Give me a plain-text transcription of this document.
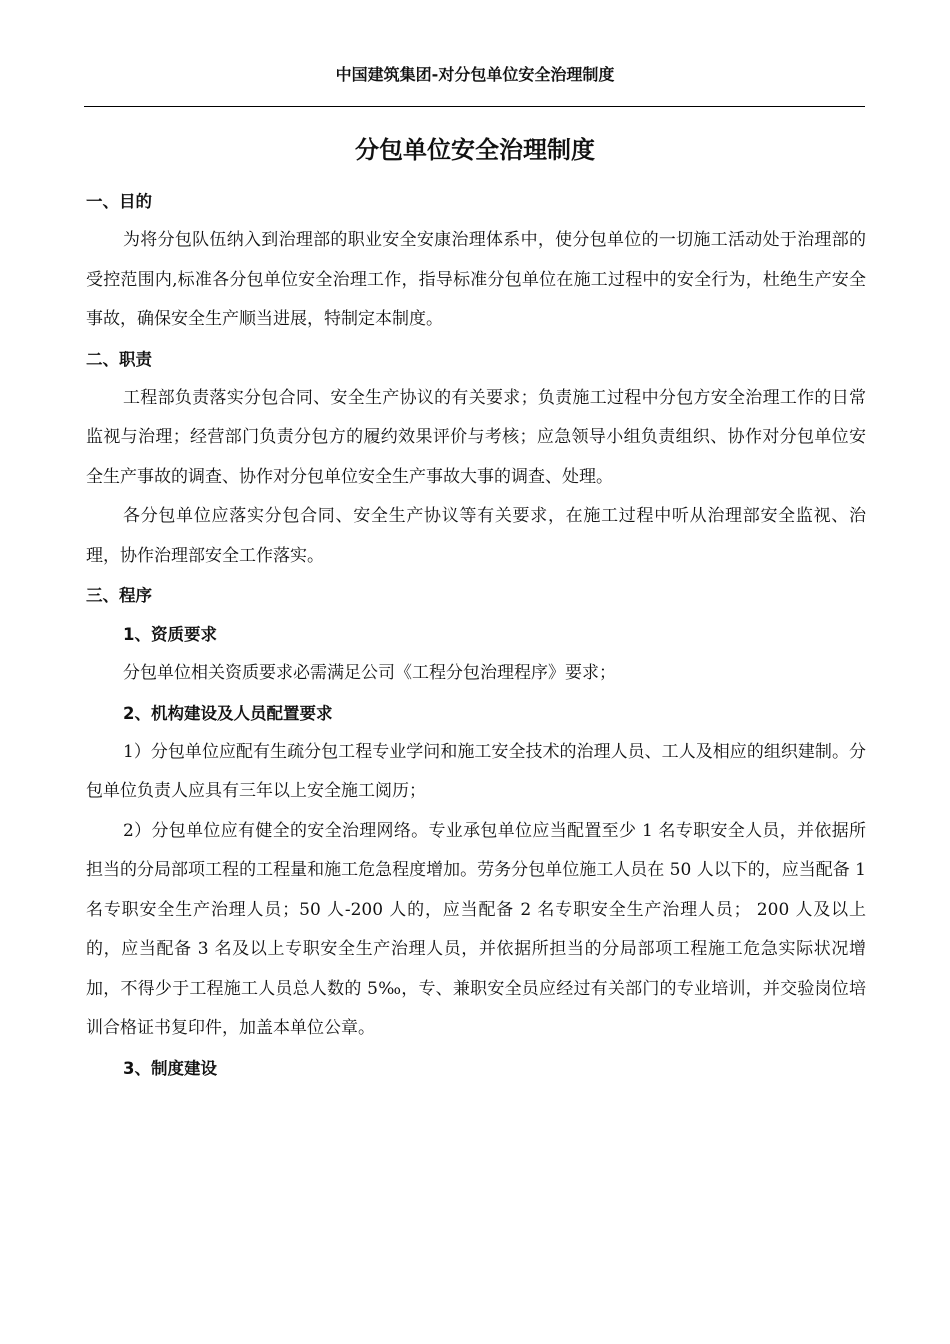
中国建筑集团-对分包单位安全治理制度
分包单位安全治理制度
一、目的

为将分包队伍纳入到治理部的职业安全安康治理体系中，使分包单位的一切施工活动处于治理部的受控范围内,标准各分包单位安全治理工作，指导标准分包单位在施工过程中的安全行为，杜绝生产安全事故，确保安全生产顺当进展，特制定本制度。

二、职责

工程部负责落实分包合同、安全生产协议的有关要求；负责施工过程中分包方安全治理工作的日常监视与治理；经营部门负责分包方的履约效果评价与考核；应急领导小组负责组织、协作对分包单位安全生产事故的调查、协作对分包单位安全生产事故大事的调查、处理。

各分包单位应落实分包合同、安全生产协议等有关要求，在施工过程中听从治理部安全监视、治理，协作治理部安全工作落实。

三、程序
1、资质要求

分包单位相关资质要求必需满足公司《工程分包治理程序》要求；

2、机构建设及人员配置要求

1）分包单位应配有生疏分包工程专业学问和施工安全技术的治理人员、工人及相应的组织建制。分包单位负责人应具有三年以上安全施工阅历；

2）分包单位应有健全的安全治理网络。专业承包单位应当配置至少 1 名专职安全人员，并依据所担当的分局部项工程的工程量和施工危急程度增加。劳务分包单位施工人员在 50 人以下的，应当配备 1 名专职安全生产治理人员；50 人-200 人的，应当配备 2 名专职安全生产治理人员； 200 人及以上的，应当配备 3 名及以上专职安全生产治理人员，并依据所担当的分局部项工程施工危急实际状况增加，不得少于工程施工人员总人数的 5‰，专、兼职安全员应经过有关部门的专业培训，并交验岗位培训合格证书复印件，加盖本单位公章。

3、制度建设
